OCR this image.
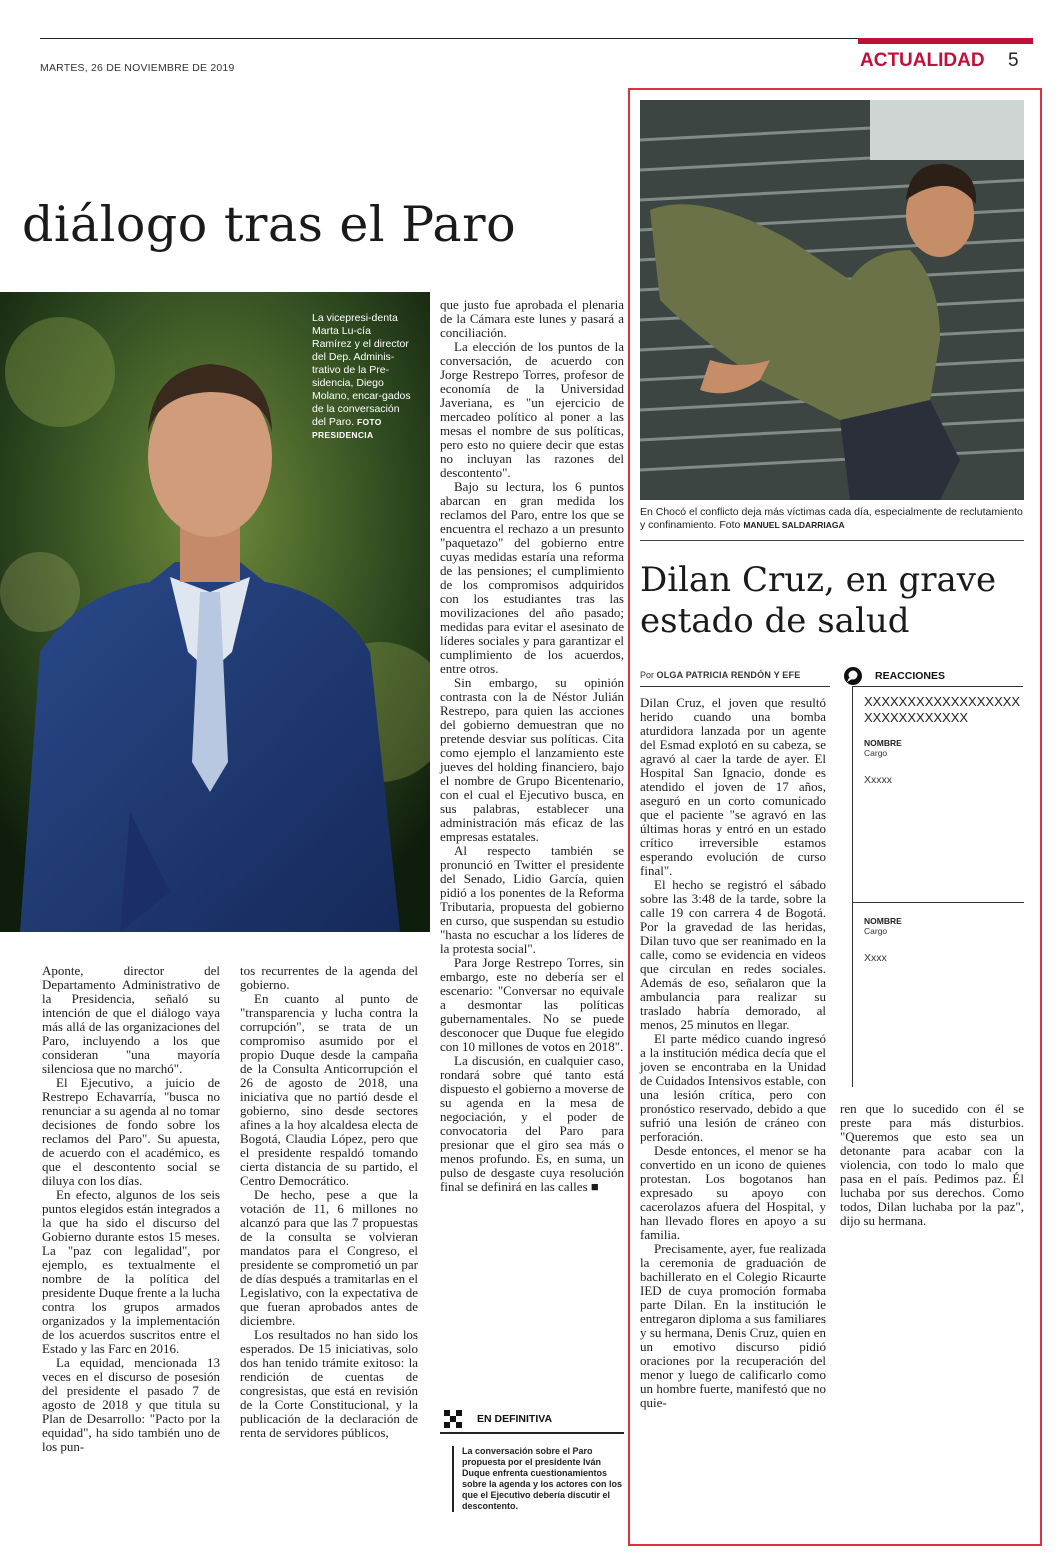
MARTES, 26 DE NOVIEMBRE DE 2019	ACTUALIDAD 5
diálogo tras el Paro
La vicepresi-denta Marta Lu-cía Ramírez y el director del Dep. Adminis-trativo de la Pre-sidencia, Diego Molano, encar-gados de la conversación del Paro. FOTO PRESIDENCIA

Aponte, director del Departamento Administrativo de la Presidencia, señaló su intención de que el diálogo vaya más allá de las organizaciones del Paro, incluyendo a los que consideran "una mayoría silenciosa que no marchó".

El Ejecutivo, a juicio de Restrepo Echavarría, "busca no renunciar a su agenda al no tomar decisiones de fondo sobre los reclamos del Paro". Su apuesta, de acuerdo con el académico, es que el descontento social se diluya con los días.

En efecto, algunos de los seis puntos elegidos están integrados a la que ha sido el discurso del Gobierno durante estos 15 meses. La "paz con legalidad", por ejemplo, es textualmente el nombre de la política del presidente Duque frente a la lucha contra los grupos armados organizados y la implementación de los acuerdos suscritos entre el Estado y las Farc en 2016.

La equidad, mencionada 13 veces en el discurso de posesión del presidente el pasado 7 de agosto de 2018 y que titula su Plan de Desarrollo: "Pacto por la equidad", ha sido también uno de los pun-

tos recurrentes de la agenda del gobierno.

En cuanto al punto de "transparencia y lucha contra la corrupción", se trata de un compromiso asumido por el propio Duque desde la campaña de la Consulta Anticorrupción el 26 de agosto de 2018, una iniciativa que no partió desde el gobierno, sino desde sectores afines a la hoy alcaldesa electa de Bogotá, Claudia López, pero que el presidente respaldó tomando cierta distancia de su partido, el Centro Democrático.

De hecho, pese a que la votación de 11, 6 millones no alcanzó para que las 7 propuestas de la consulta se volvieran mandatos para el Congreso, el presidente se comprometió un par de días después a tramitarlas en el Legislativo, con la expectativa de que fueran aprobados antes de diciembre.

Los resultados no han sido los esperados. De 15 iniciativas, solo dos han tenido trámite exitoso: la rendición de cuentas de congresistas, que está en revisión de la Corte Constitucional, y la publicación de la declaración de renta de servidores públicos,

que justo fue aprobada el plenaria de la Cámara este lunes y pasará a conciliación.

La elección de los puntos de la conversación, de acuerdo con Jorge Restrepo Torres, profesor de economía de la Universidad Javeriana, es "un ejercicio de mercadeo político al poner a las mesas el nombre de sus políticas, pero esto no quiere decir que estas no incluyan las razones del descontento".

Bajo su lectura, los 6 puntos abarcan en gran medida los reclamos del Paro, entre los que se encuentra el rechazo a un presunto "paquetazo" del gobierno entre cuyas medidas estaría una reforma de las pensiones; el cumplimiento de los compromisos adquiridos con los estudiantes tras las movilizaciones del año pasado; medidas para evitar el asesinato de líderes sociales y para garantizar el cumplimiento de los acuerdos, entre otros.

Sin embargo, su opinión contrasta con la de Néstor Julián Restrepo, para quien las acciones del gobierno demuestran que no pretende desviar sus políticas. Cita como ejemplo el lanzamiento este jueves del holding financiero, bajo el nombre de Grupo Bicentenario, con el cual el Ejecutivo busca, en sus palabras, establecer una administración más eficaz de las empresas estatales.

Al respecto también se pronunció en Twitter el presidente del Senado, Lidio García, quien pidió a los ponentes de la Reforma Tributaria, propuesta del gobierno en curso, que suspendan su estudio "hasta no escuchar a los líderes de la protesta social".

Para Jorge Restrepo Torres, sin embargo, este no debería ser el escenario: "Conversar no equivale a desmontar las políticas gubernamentales. No se puede desconocer que Duque fue elegido con 10 millones de votos en 2018".

La discusión, en cualquier caso, rondará sobre qué tanto está dispuesto el gobierno a moverse de su agenda en la mesa de negociación, y el poder de convocatoria del Paro para presionar que el giro sea más o menos profundo. Es, en suma, un pulso de desgaste cuya resolución final se definirá en las calles ■

EN DEFINITIVA
La conversación sobre el Paro propuesta por el presidente Iván Duque enfrenta cuestionamientos sobre la agenda y los actores con los que el Ejecutivo debería discutir el descontento.
En Chocó el conflicto deja más víctimas cada día, especialmente de reclutamiento y confinamiento. Foto MANUEL SALDARRIAGA
Dilan Cruz, en grave estado de salud
Por OLGA PATRICIA RENDÓN Y EFE

Dilan Cruz, el joven que resultó herido cuando una bomba aturdidora lanzada por un agente del Esmad explotó en su cabeza, se agravó al caer la tarde de ayer. El Hospital San Ignacio, donde es atendido el joven de 17 años, aseguró en un corto comunicado que el paciente "se agravó en las últimas horas y entró en un estado crítico irreversible estamos esperando evolución de curso final".

El hecho se registró el sábado sobre las 3:48 de la tarde, sobre la calle 19 con carrera 4 de Bogotá. Por la gravedad de las heridas, Dilan tuvo que ser reanimado en la calle, como se evidencia en videos que circulan en redes sociales. Además de eso, señalaron que la ambulancia para realizar su traslado habría demorado, al menos, 25 minutos en llegar.

El parte médico cuando ingresó a la institución médica decía que el joven se encontraba en la Unidad de Cuidados Intensivos estable, con una lesión crítica, pero con pronóstico reservado, debido a que sufrió una lesión de cráneo con perforación.

Desde entonces, el menor se ha convertido en un icono de quienes protestan. Los bogotanos han expresado su apoyo con cacerolazos afuera del Hospital, y han llevado flores en apoyo a su familia.

Precisamente, ayer, fue realizada la ceremonia de graduación de bachillerato en el Colegio Ricaurte IED de cuya promoción formaba parte Dilan. En la institución le entregaron diploma a sus familiares y su hermana, Denis Cruz, quien en un emotivo discurso pidió oraciones por la recuperación del menor y luego de calificarlo como un hombre fuerte, manifestó que no quie-

REACCIONES
XXXXXXXXXXXXXXXXXXXXXXXXXXXXXX
NOMBRE
Cargo
Xxxxx
NOMBRE
Cargo
Xxxx

ren que lo sucedido con él se preste para más disturbios. "Queremos que esto sea un detonante para acabar con la violencia, con todo lo malo que pasa en el país. Pedimos paz. Él luchaba por sus derechos. Como todos, Dilan luchaba por la paz", dijo su hermana.
